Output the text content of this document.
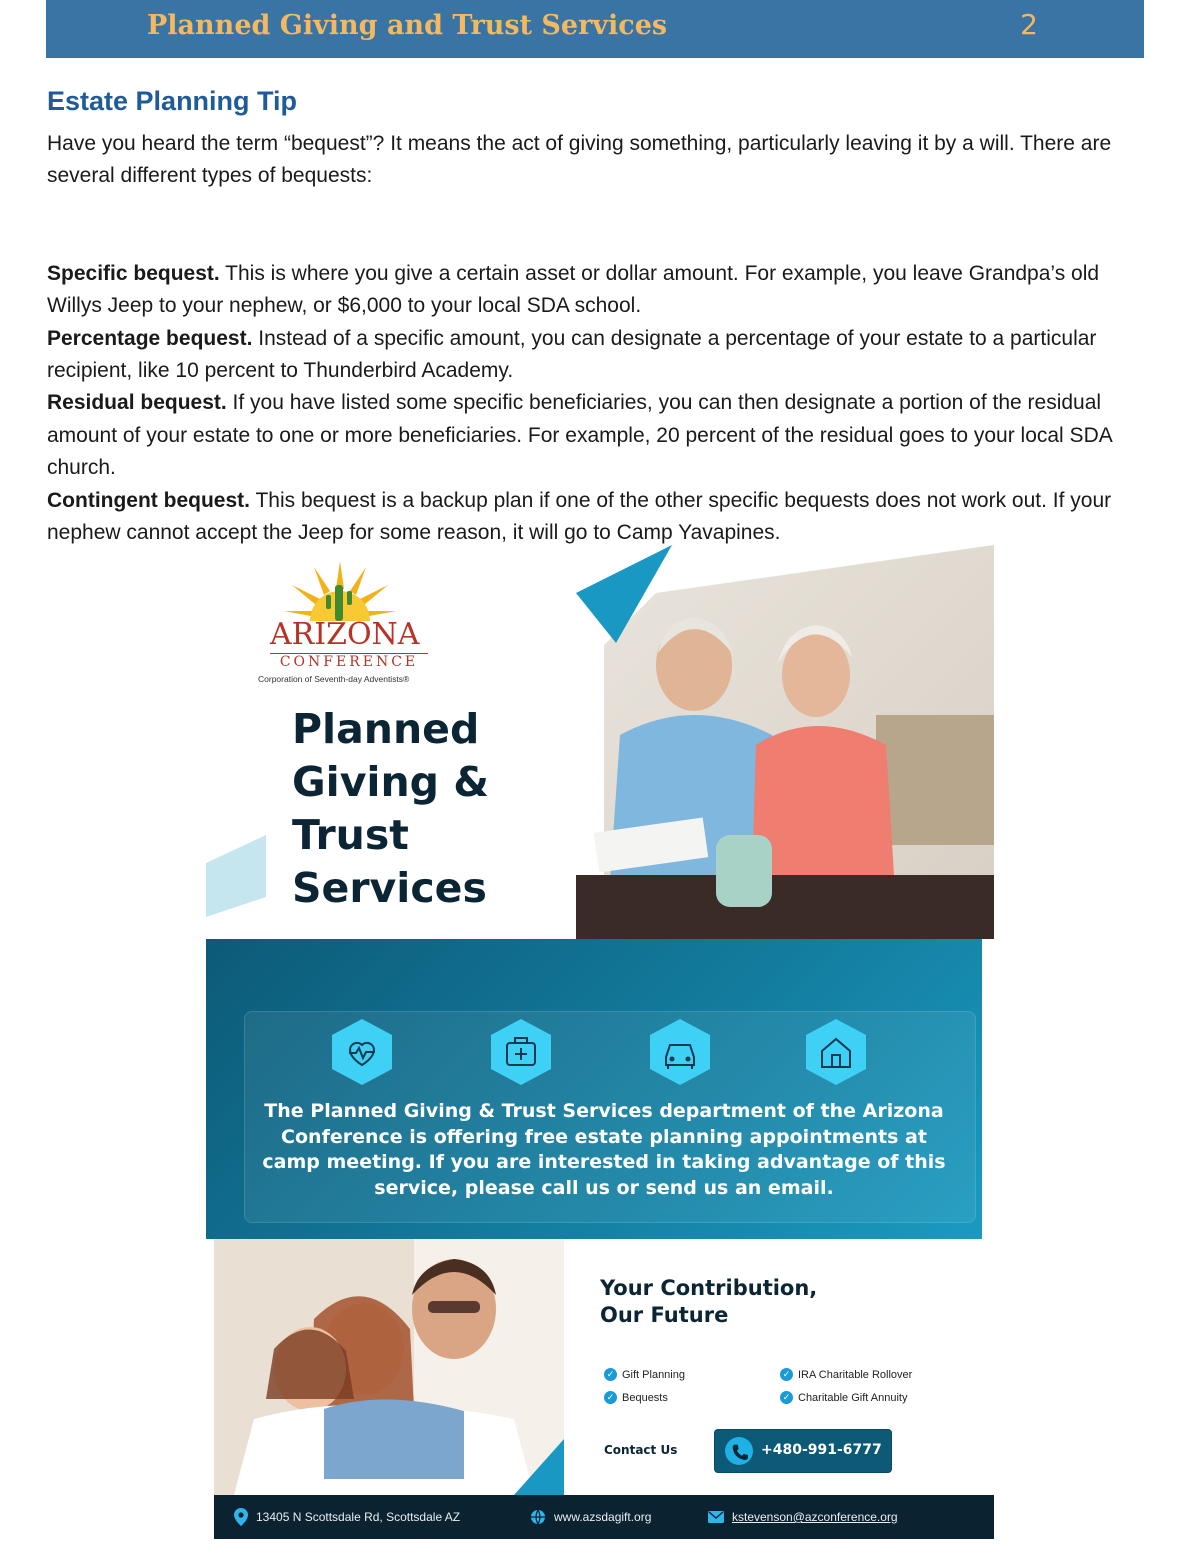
Planned Giving and Trust Services	2
Estate Planning Tip

Have you heard the term “bequest”? It means the act of giving something, particularly leaving it by a will. There are several different types of bequests:

Specific bequest. This is where you give a certain asset or dollar amount. For example, you leave Grandpa’s old Willys Jeep to your nephew, or $6,000 to your local SDA school.

Percentage bequest. Instead of a specific amount, you can designate a percentage of your estate to a particular recipient, like 10 percent to Thunderbird Academy.

Residual bequest. If you have listed some specific beneficiaries, you can then designate a portion of the residual amount of your estate to one or more beneficiaries. For example, 20 percent of the residual goes to your local SDA church.

Contingent bequest. This bequest is a backup plan if one of the other specific bequests does not work out. If your nephew cannot accept the Jeep for some reason, it will go to Camp Yavapines.

ARIZONA
CONFERENCE
Corporation of Seventh-day Adventists®
Planned
Giving &
Trust
Services
The Planned Giving & Trust Services department of the Arizona Conference is offering free estate planning appointments at camp meeting. If you are interested in taking advantage of this service, please call us or send us an email.
Your Contribution,
Our Future
✓ Gift Planning
✓ Bequests
✓ IRA Charitable Rollover
✓ Charitable Gift Annuity
Contact Us	+480-991-6777
13405 N Scottsdale Rd, Scottsdale AZ	www.azsdagift.org	kstevenson@azconference.org
